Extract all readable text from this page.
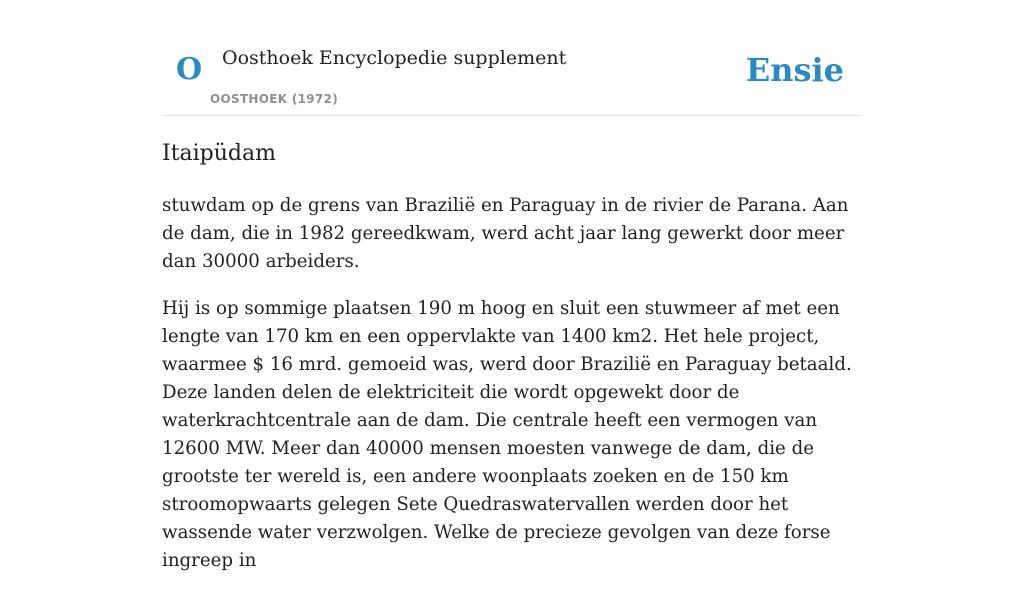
O Oosthoek Encyclopedie supplement
OOSTHOEK (1972)
Ensie
Itaipüdam

stuwdam op de grens van Brazilië en Paraguay in de rivier de Parana. Aan de dam, die in 1982 gereedkwam, werd acht jaar lang gewerkt door meer dan 30000 arbeiders.

Hij is op sommige plaatsen 190 m hoog en sluit een stuwmeer af met een lengte van 170 km en een oppervlakte van 1400 km2. Het hele project, waarmee $ 16 mrd. gemoeid was, werd door Brazilië en Paraguay betaald. Deze landen delen de elektriciteit die wordt opgewekt door de waterkrachtcentrale aan de dam. Die centrale heeft een vermogen van 12600 MW. Meer dan 40000 mensen moesten vanwege de dam, die de grootste ter wereld is, een andere woonplaats zoeken en de 150 km stroomopwaarts gelegen Sete Quedraswatervallen werden door het wassende water verzwolgen. Welke de precieze gevolgen van deze forse ingreep in
